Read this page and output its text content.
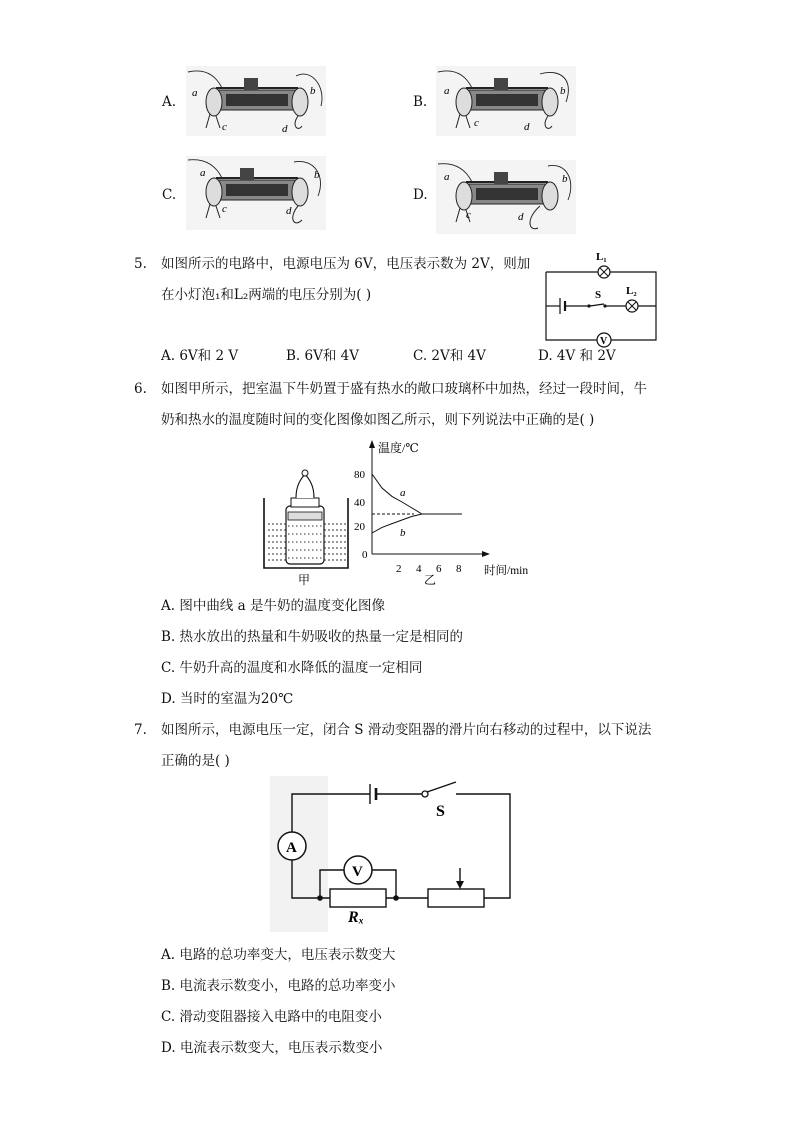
A.	B.
C.	D.
a	b
c	d
a	b
c	d
a	b
c	d
a	b
c	d
5. 如图所示的电路中，电源电压为 6V，电压表示数为 2V，则加
在小灯泡₁和L₂两端的电压分别为( )
L₁
S L₂
V
A. 6V和 2 V	B. 6V和 4V	C. 2V和 4V	D. 4V 和 2V
6. 如图甲所示，把室温下牛奶置于盛有热水的敞口玻璃杯中加热，经过一段时间，牛
奶和热水的温度随时间的变化图像如图乙所示，则下列说法中正确的是( )
甲
温度/℃
时间/min
乙
0
20
40
80
2 4 6 8
a
b
A. 图中曲线 a 是牛奶的温度变化图像
B. 热水放出的热量和牛奶吸收的热量一定是相同的
C. 牛奶升高的温度和水降低的温度一定相同
D. 当时的室温为20℃
7. 如图所示，电源电压一定，闭合 S 滑动变阻器的滑片向右移动的过程中，以下说法
正确的是( )
S
A
V
Rₓ
A. 电路的总功率变大，电压表示数变大
B. 电流表示数变小，电路的总功率变小
C. 滑动变阻器接入电路中的电阻变小
D. 电流表示数变大，电压表示数变小
